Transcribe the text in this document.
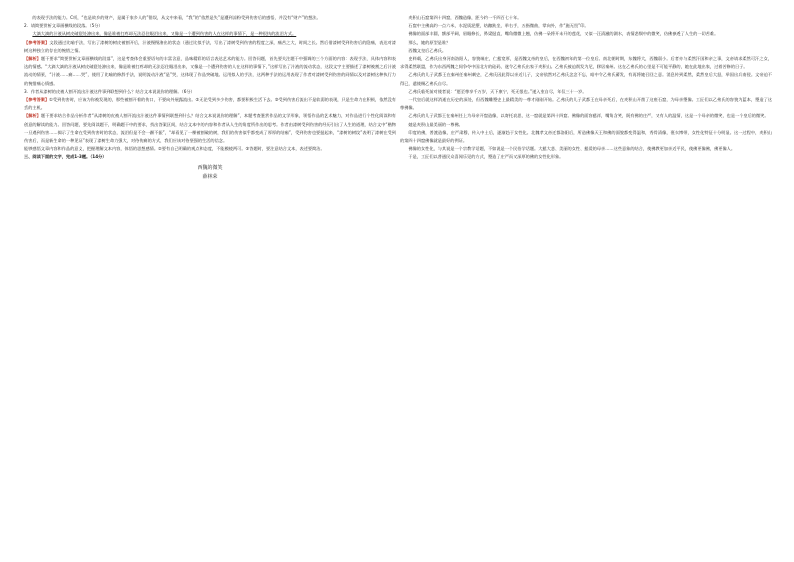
的表现手法的能力。C项，“也是故乡的财产，是属于家乡人的”错误，从文中来看，“我”的“依然是失”是遭到凉粉受到伤害后的感悟，并没有“财产”的想法。

2．请简要赏析文章画横线的段落。（5分）

大滴大滴的汁液从树皮破裂处渗出来，像是谁被打疼却无法忍住眼泪出来，又像是一个遭到伤害的人在这样的事情下，是一种很执的流泪方式。

【参考答案】文段通过比喻手法，写出了漆树的树皮被割开后，汁液慢慢渗出的状态（通过比拟手法，写出了漆树受到伤害的程度之深，痛苦之大，时间之长。然后借漆树受到伤害后的隐痛，表达对漆树这种独立的存在的惋惜之情。

【解析】题干要求“简要赏析文章画横线的段落”，这是考查体会重要语句的丰富含意，品味精彩的语言表达艺术的能力。回答问题，首先要关注题干中强调的三个方面的内容：表现手法、具体内容和表达的情感。“大滴大滴的汁液从树皮破裂处渗出来，像是谁被打疼却的无法忍住眼泪出来，又像是一个遭到伤害的人在这样的事情下，”这样写出了汁液的流动状态，这段文字主要描述了漆树被割之后汁液流动的情景，“汁液……痛……哭”，使用了比喻的修辞手法，说明流动汁液“是”哭，这体现了作品突破地。运用拟人的手法，这两种手法的运用表现了作者对漆树受到伤害的同情以及对漆树这种执行力的惋惜痛心情感。

3．作者从漆树的皮被人割开流出汁液这件事到联想到什么？结合文本说说你的理解。（6分）

【参考答案】①受到伤害时，应该为你被发现的，那些被割开着的伤口，不要向外展露流出。②无论受到多少伤害，都要积极生活下去。③受到伤害后流出不是软弱的表现，只是生命力在积极，依然没有丢的主机。

【解析】题干要求结合作品分析作者“从漆树的皮被人割开流出汁液这件事情到联想到什么？结合文本说说你的理解”，本题考查鉴赏作品的文学形象，领悟作品的艺术魅力，对作品进行个性化阅读和有创意的解读的能力。回答问题，要先阅读题干，明确题干中的要求，找出答案区间，结合文本中的内容和作者从人生的角度所作出的思考。作者由漆树受到伤害的经历引出了人生的道理，结合文中“楷物一旦遇到伤害……揭示了生命在受到伤害时的状态，流泪但是不会一蹶不振”，“却看见了一棵被割破的树，我们的伤害似乎都变成了厚厚的结痂”，受到伤害也要挺起来，“漆树的树纹”表明了漆树在受到伤害后，而是新生命的一种见证”表现了漆树生命力强大，对待伤痛的方式，我们应该对待坚强的生活的信念。

能够感悟文章内容和作品的意义，把握理解文本内容，体悟的思想感情。②要有自己明确的观点和态度，不能模棱两可。③答题时，要注意结合文本，表述要简洁。

三、阅读下面的文字，完成1-3题。（14分）

西魏的微笑

薛林荣

麦积山石窟第四十四窟，西魏造像，距今约一千四百七十年。

石窟中主佛高约一点六米，水泥质泥塑，结跏趺坐，举右手，五指微曲，掌向外，作“施无畏”印。

佛像的面部丰圆，额部平阔，眉眼修长，鼻梁挺直，嘴角微微上翘，仿佛一朵将开未开的莲花，又似一汪清澈的湖水，表情悲悯中的微笑，仿佛参透了人生的一切苦难。

那么，她的原型是谁？

西魏文皇后乙弗氏。

史料载，乙弗氏出身河南洛阳人，容貌端庄，仁慈宽厚，是西魏文帝的皇后，在西魏初年的第一位皇后。南北朝时期，东魏将大，西魏弱小。后者亦与柔然汗国和亲之事，文帝请求柔然可汗之女，求得柔然联盟，作为东西两魏之间争夺中国北方的砝码，遂令乙弗氏出家于麦积山。乙弗氏被迫削发为尼，移居秦州。这在乙弗氏的心里是不可能平静的，她在此地出家，过着苦修的日子。

乙弗氏的儿子武都王在秦州任秦州刺史，乙弗氏因此得以亲近儿子，文帝依然对乙弗氏念念不忘，暗中令乙弗氏蓄发，有再将她召回之意。消息传到柔然，柔然皇后大怒，举国出兵南侵。文帝迫不得已，遣使赐乙弗氏自尽。

乙弗氏临死前对使者说：“愿至尊享千万岁，天下康宁，死无恨也。”遂入室自尽，年仅三十一岁。

一代皇后就这样消逝在历史的深处，但西魏雕塑史上最精美的一尊才刚刚开始。乙弗氏的儿子武都王在母亲死后，在麦积山开凿了这座石窟，为母亲塑像。工匠们以乙弗氏的容貌为蓝本，塑造了这尊佛像。

乙弗氏的儿子武都王在秦州任上为母亲开窟造像，以寄托哀思，这一窟就是第四十四窟。佛像的面容慈祥，嘴角含笑，既有佛的庄严，又有人的温情，这是一个母亲的微笑，也是一个皇后的微笑。

她是麦积山最美丽的一尊佛。

印度的佛，普渡造像，庄严肃穆，传入中土后，逐渐趋于女性化。北魏孝文帝迁都洛阳后，所造佛像天王和佛的面貌都变得温和，秀骨清像，褒衣博带，女性化特征十分明显。这一过程中，麦积山的第四十四窟佛像就是最好的例证。

佛像的女性化，与其说是一个宗教学话题，不如说是一个民俗学话题。大慈大悲、美丽的女性、慈爱的母亲……这些意象的结合，使佛教更加亲近平民，使佛更像佛，佛更像人。

于是，工匠们以普通民众喜闻乐见的方式，塑造了庄严而又深厚的佛的女性化形象。
